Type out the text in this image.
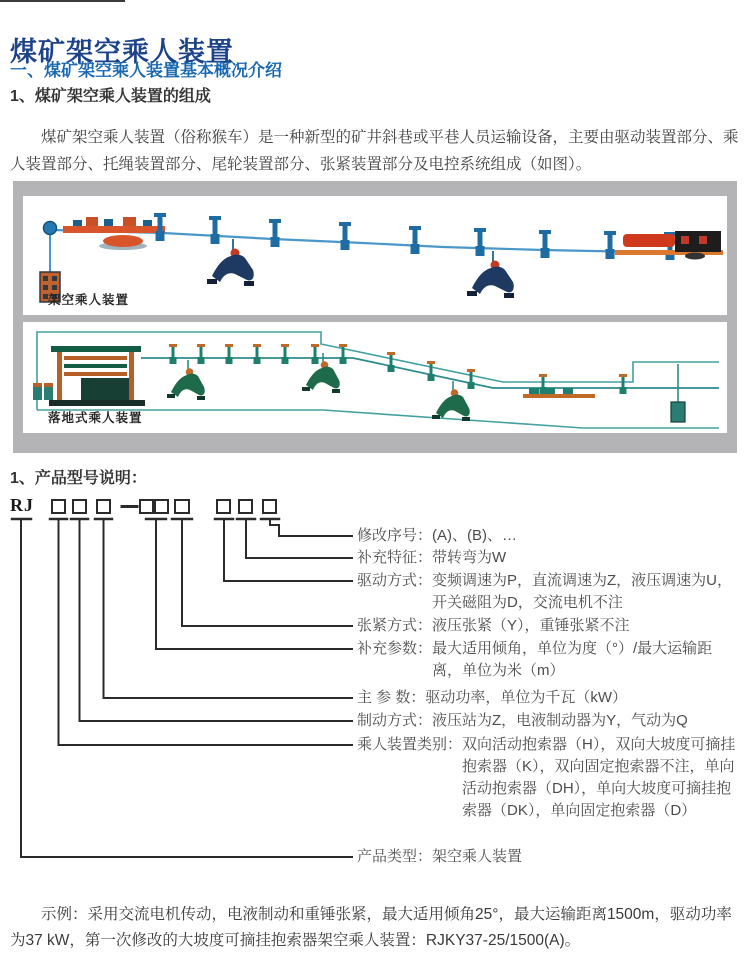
煤矿架空乘人装置
一、煤矿架空乘人装置基本概况介绍
1、煤矿架空乘人装置的组成

煤矿架空乘人装置（俗称猴车）是一种新型的矿井斜巷或平巷人员运输设备，主要由驱动装置部分、乘人装置部分、托绳装置部分、尾轮装置部分、张紧装置部分及电控系统组成（如图）。

架空乘人装置
落地式乘人装置
1、产品型号说明：
RJ
修改序号： (A)、(B)、…
补充特征： 带转弯为W
驱动方式： 变频调速为P，直流调速为Z，液压调速为U，开关磁阻为D，交流电机不注
张紧方式： 液压张紧（Y），重锤张紧不注
补充参数： 最大适用倾角，单位为度（°）/最大运输距离，单位为米（m）
主 参 数： 驱动功率，单位为千瓦（kW）
制动方式： 液压站为Z，电液制动器为Y，气动为Q
乘人装置类别： 双向活动抱索器（H），双向大坡度可摘挂抱索器（K），双向固定抱索器不注，单向活动抱索器（DH），单向大坡度可摘挂抱索器（DK），单向固定抱索器（D）
产品类型： 架空乘人装置

示例：采用交流电机传动，电液制动和重锤张紧，最大适用倾角25°，最大运输距离1500m，驱动功率为37 kW，第一次修改的大坡度可摘挂抱索器架空乘人装置：RJKY37-25/1500(A)。
